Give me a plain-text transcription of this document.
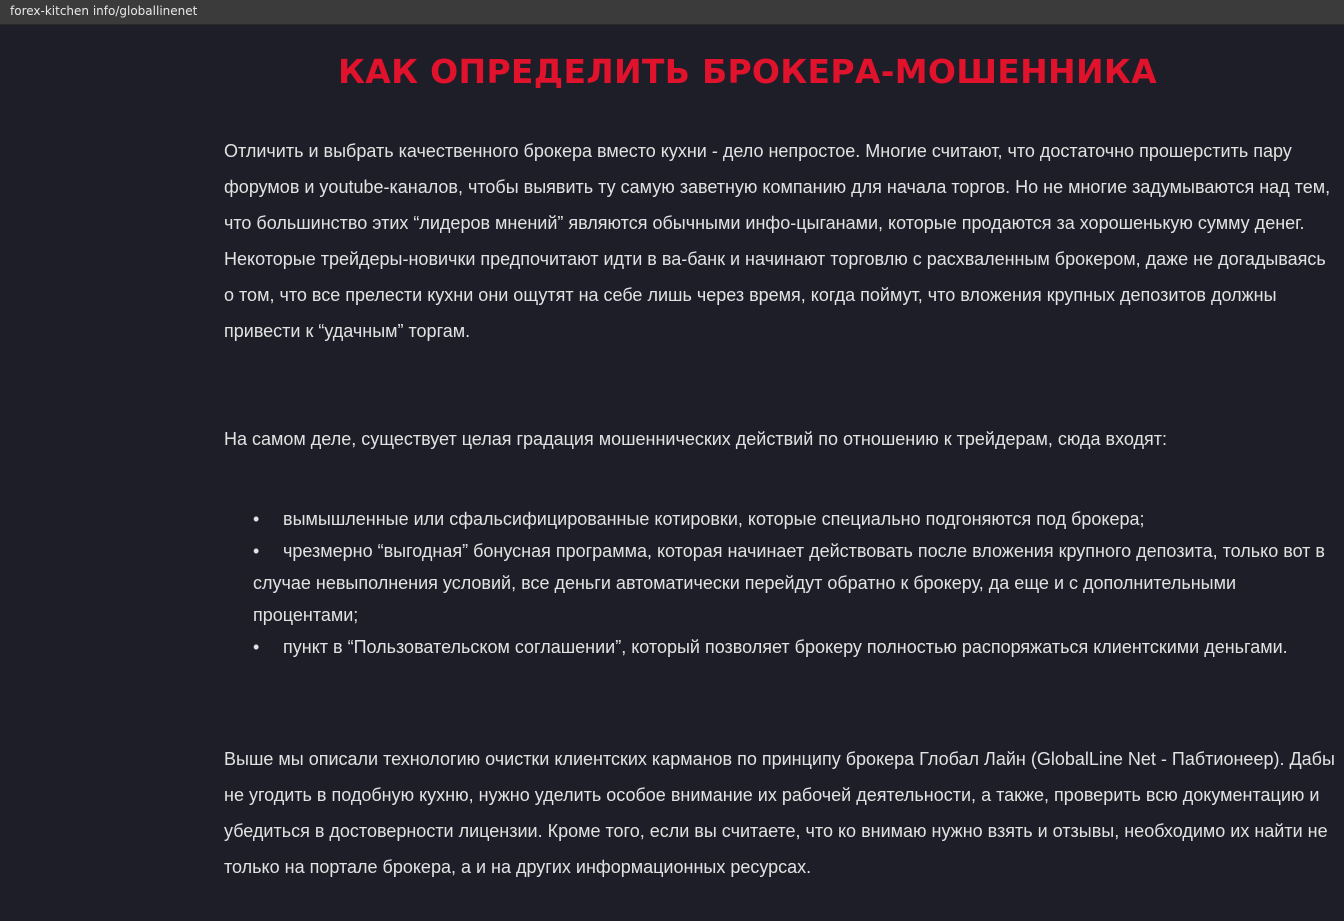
forex-kitchen info/globallinenet
КАК ОПРЕДЕЛИТЬ БРОКЕРА-МОШЕННИКА

Отличить и выбрать качественного брокера вместо кухни - дело непростое. Многие считают, что достаточно прошерстить пару форумов и youtube-каналов, чтобы выявить ту самую заветную компанию для начала торгов. Но не многие задумываются над тем, что большинство этих “лидеров мнений” являются обычными инфо-цыганами, которые продаются за хорошенькую сумму денег. Некоторые трейдеры-новички предпочитают идти в ва-банк и начинают торговлю с расхваленным брокером, даже не догадываясь о том, что все прелести кухни они ощутят на себе лишь через время, когда поймут, что вложения крупных депозитов должны привести к “удачным” торгам.

На самом деле, существует целая градация мошеннических действий по отношению к трейдерам, сюда входят:

• вымышленные или сфальсифицированные котировки, которые специально подгоняются под брокера;
• чрезмерно “выгодная” бонусная программа, которая начинает действовать после вложения крупного депозита, только вот в случае невыполнения условий, все деньги автоматически перейдут обратно к брокеру, да еще и с дополнительными процентами;
• пункт в “Пользовательском соглашении”, который позволяет брокеру полностью распоряжаться клиентскими деньгами.

Выше мы описали технологию очистки клиентских карманов по принципу брокера Глобал Лайн (GlobalLine Net - Пабтионеер). Дабы не угодить в подобную кухню, нужно уделить особое внимание их рабочей деятельности, а также, проверить всю документацию и убедиться в достоверности лицензии. Кроме того, если вы считаете, что ко внимаю нужно взять и отзывы, необходимо их найти не только на портале брокера, а и на других информационных ресурсах.
